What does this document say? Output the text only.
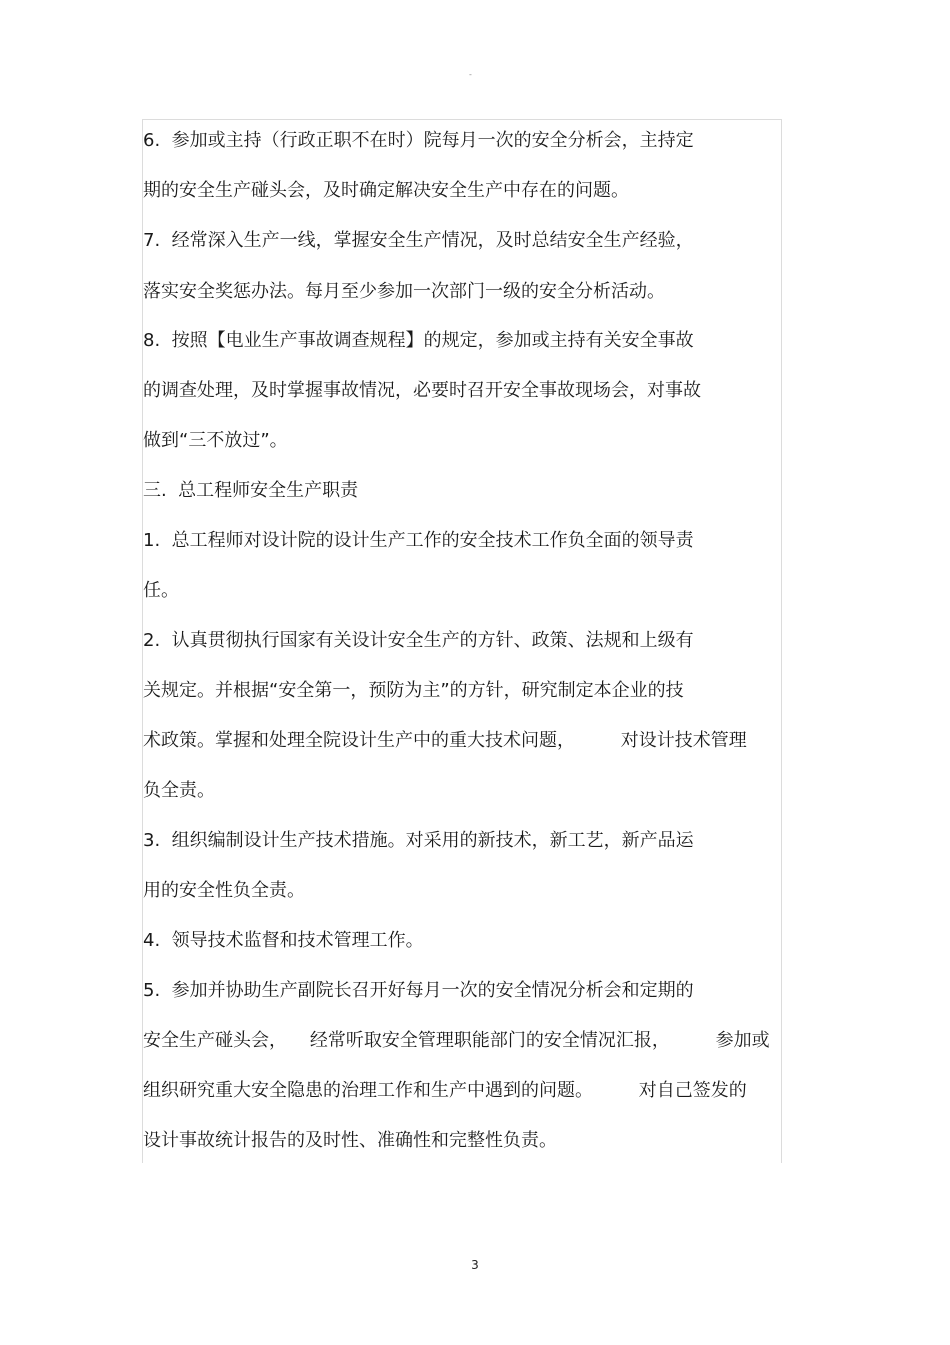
-
6.  参加或主持（行政正职不在时）院每月一次的安全分析会，主持定
期的安全生产碰头会，及时确定解决安全生产中存在的问题。
7.  经常深入生产一线，掌握安全生产情况，及时总结安全生产经验，
落实安全奖惩办法。每月至少参加一次部门一级的安全分析活动。
8.  按照【电业生产事故调查规程】的规定，参加或主持有关安全事故
的调查处理，及时掌握事故情况，必要时召开安全事故现场会，对事故
做到“三不放过”。
三.  总工程师安全生产职责
1.  总工程师对设计院的设计生产工作的安全技术工作负全面的领导责
任。
2.  认真贯彻执行国家有关设计安全生产的方针、政策、法规和上级有
关规定。并根据“安全第一，预防为主”的方针，研究制定本企业的技
术政策。掌握和处理全院设计生产中的重大技术问题，        对设计技术管理
负全责。
3.  组织编制设计生产技术措施。对采用的新技术，新工艺，新产品运
用的安全性负全责。
4.  领导技术监督和技术管理工作。
5.  参加并协助生产副院长召开好每月一次的安全情况分析会和定期的
安全生产碰头会，    经常听取安全管理职能部门的安全情况汇报，        参加或
组织研究重大安全隐患的治理工作和生产中遇到的问题。        对自己签发的
设计事故统计报告的及时性、准确性和完整性负责。
3
